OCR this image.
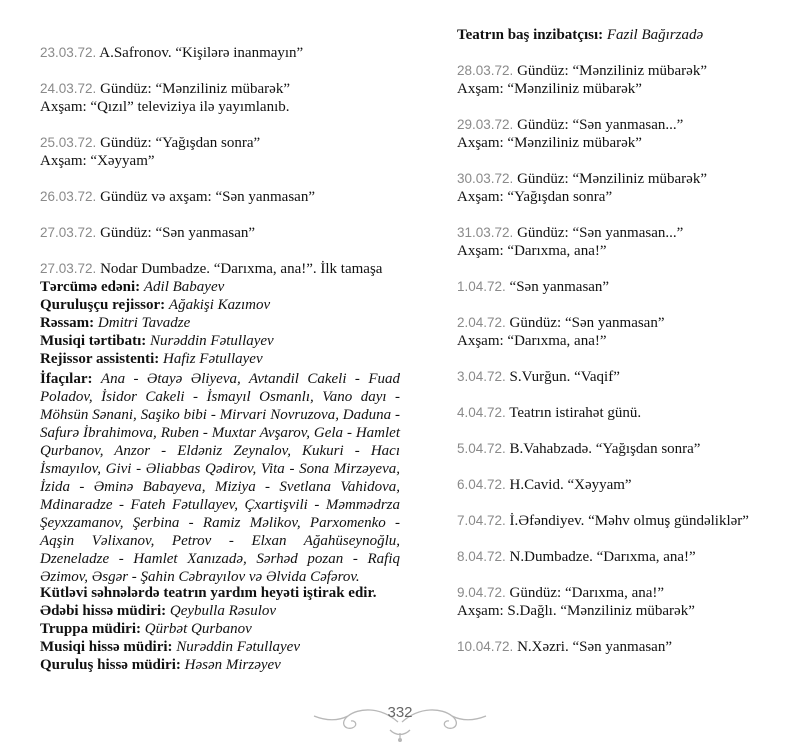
23.03.72. A.Safronov. “Kişilərə inanmayın”
24.03.72. Gündüz: “Mənziliniz mübarək”
Axşam: “Qızıl” televiziya ilə yayımlanıb.
25.03.72. Gündüz: “Yağışdan sonra”
Axşam: “Xəyyam”
26.03.72. Gündüz və axşam: “Sən yanmasan”
27.03.72. Gündüz: “Sən yanmasan”
27.03.72. Nodar Dumbadze. “Darıxma, ana!”. İlk tamaşa
Tərcümə edəni: Adil Babayev
Quruluşçu rejissor: Ağakişi Kazımov
Rəssam: Dmitri Tavadze
Musiqi tərtibatı: Nurəddin Fətullayev
Rejissor assistenti: Hafiz Fətullayev
İfaçılar: Ana - Ətayə Əliyeva, Avtandil Cakeli - Fuad Poladov, İsidor Cakeli - İsmayıl Osmanlı, Vano dayı - Möhsün Sənani, Saşiko bibi - Mirvari Novruzova, Daduna - Safurə İbrahimova, Ruben - Muxtar Avşarov, Gela - Hamlet Qurbanov, Anzor - Eldəniz Zeynalov, Kukuri - Hacı İsmayılov, Givi - Əliabbas Qədirov, Vita - Sona Mirzəyeva, İzida - Əminə Babayeva, Miziya - Svetlana Vahidova, Mdinaradze - Fateh Fətullayev, Çxartişvili - Məmmədrza Şeyxzamanov, Şerbina - Ramiz Məlikov, Parxomenko - Aqşin Vəlixanov, Petrov - Elxan Ağahüseynoğlu, Dzeneladze - Hamlet Xanızadə, Sərhəd pozan - Rafiq Əzimov, Əsgər - Şahin Cəbrayılov və Əlvida Cəfərov.
Kütləvi səhnələrdə teatrın yardım heyəti iştirak edir.
Ədəbi hissə müdiri: Qeybulla Rəsulov
Truppa müdiri: Qürbət Qurbanov
Musiqi hissə müdiri: Nurəddin Fətullayev
Quruluş hissə müdiri: Həsən Mirzəyev
Teatrın baş inzibatçısı: Fazil Bağırzadə
28.03.72. Gündüz: “Mənziliniz mübarək”
Axşam: “Mənziliniz mübarək”
29.03.72. Gündüz: “Sən yanmasan...”
Axşam: “Mənziliniz mübarək”
30.03.72. Gündüz: “Mənziliniz mübarək”
Axşam: “Yağışdan sonra”
31.03.72. Gündüz: “Sən yanmasan...”
Axşam: “Darıxma, ana!”
1.04.72. “Sən yanmasan”
2.04.72. Gündüz: “Sən yanmasan”
Axşam: “Darıxma, ana!”
3.04.72. S.Vurğun. “Vaqif”
4.04.72. Teatrın istirahət günü.
5.04.72. B.Vahabzadə. “Yağışdan sonra”
6.04.72. H.Cavid. “Xəyyam”
7.04.72. İ.Əfəndiyev. “Məhv olmuş gündəliklər”
8.04.72. N.Dumbadze. “Darıxma, ana!”
9.04.72. Gündüz: “Darıxma, ana!”
Axşam: S.Dağlı. “Mənziliniz mübarək”
10.04.72. N.Xəzri. “Sən yanmasan”
332
